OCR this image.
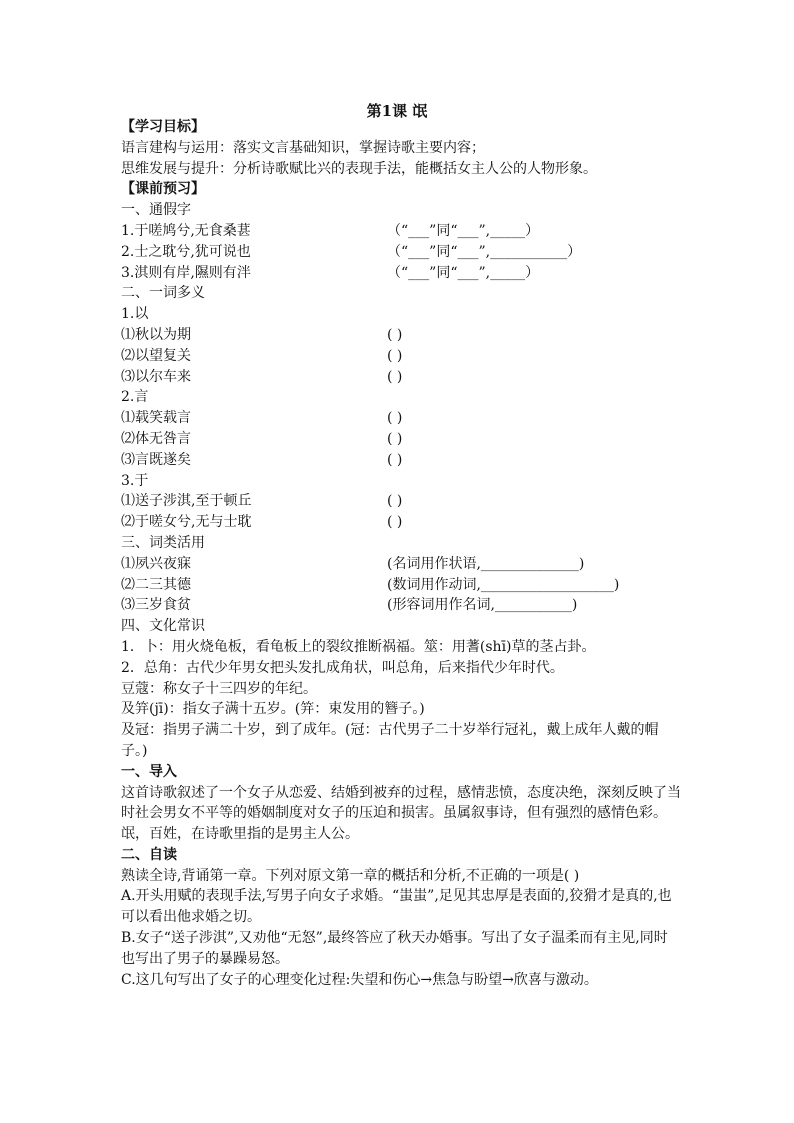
第1课 氓
【学习目标】
语言建构与运用：落实文言基础知识，掌握诗歌主要内容；
思维发展与提升：分析诗歌赋比兴的表现手法，能概括女主人公的人物形象。
【课前预习】
一、通假字
1.于嗟鸠兮,无食桑葚	（“___”同“___”,_____）
2.士之耽兮,犹可说也	（“___”同“___”,___________）
3.淇则有岸,隰则有泮	（“___”同“___”,_____）
二、一词多义
1.以
⑴秋以为期	( )
⑵以望复关	( )
⑶以尔车来	( )
2.言
⑴载笑载言	( )
⑵体无咎言	( )
⑶言既遂矣	( )
3.于
⑴送子涉淇,至于顿丘	( )
⑵于嗟女兮,无与士耽	( )
三、词类活用
⑴夙兴夜寐	(名词用作状语,______________)
⑵二三其德	(数词用作动词,___________________)
⑶三岁食贫	(形容词用作名词,___________)
四、文化常识
1．卜：用火烧龟板，看龟板上的裂纹推断祸福。筮：用蓍(shī)草的茎占卦。
2．总角：古代少年男女把头发扎成角状，叫总角，后来指代少年时代。
豆蔻：称女子十三四岁的年纪。
及笄(jī)：指女子满十五岁。(笄：束发用的簪子。)
及冠：指男子满二十岁，到了成年。(冠：古代男子二十岁举行冠礼，戴上成年人戴的帽子。)
一、导入
这首诗歌叙述了一个女子从恋爱、结婚到被弃的过程，感情悲愤，态度决绝，深刻反映了当时社会男女不平等的婚姻制度对女子的压迫和损害。虽属叙事诗，但有强烈的感情色彩。氓，百姓，在诗歌里指的是男主人公。
二、自读
熟读全诗,背诵第一章。下列对原文第一章的概括和分析,不正确的一项是( )
A.开头用赋的表现手法,写男子向女子求婚。“蚩蚩”,足见其忠厚是表面的,狡猾才是真的,也可以看出他求婚之切。
B.女子“送子涉淇”,又劝他“无怒”,最终答应了秋天办婚事。写出了女子温柔而有主见,同时也写出了男子的暴躁易怒。
C.这几句写出了女子的心理变化过程:失望和伤心→焦急与盼望→欣喜与激动。
